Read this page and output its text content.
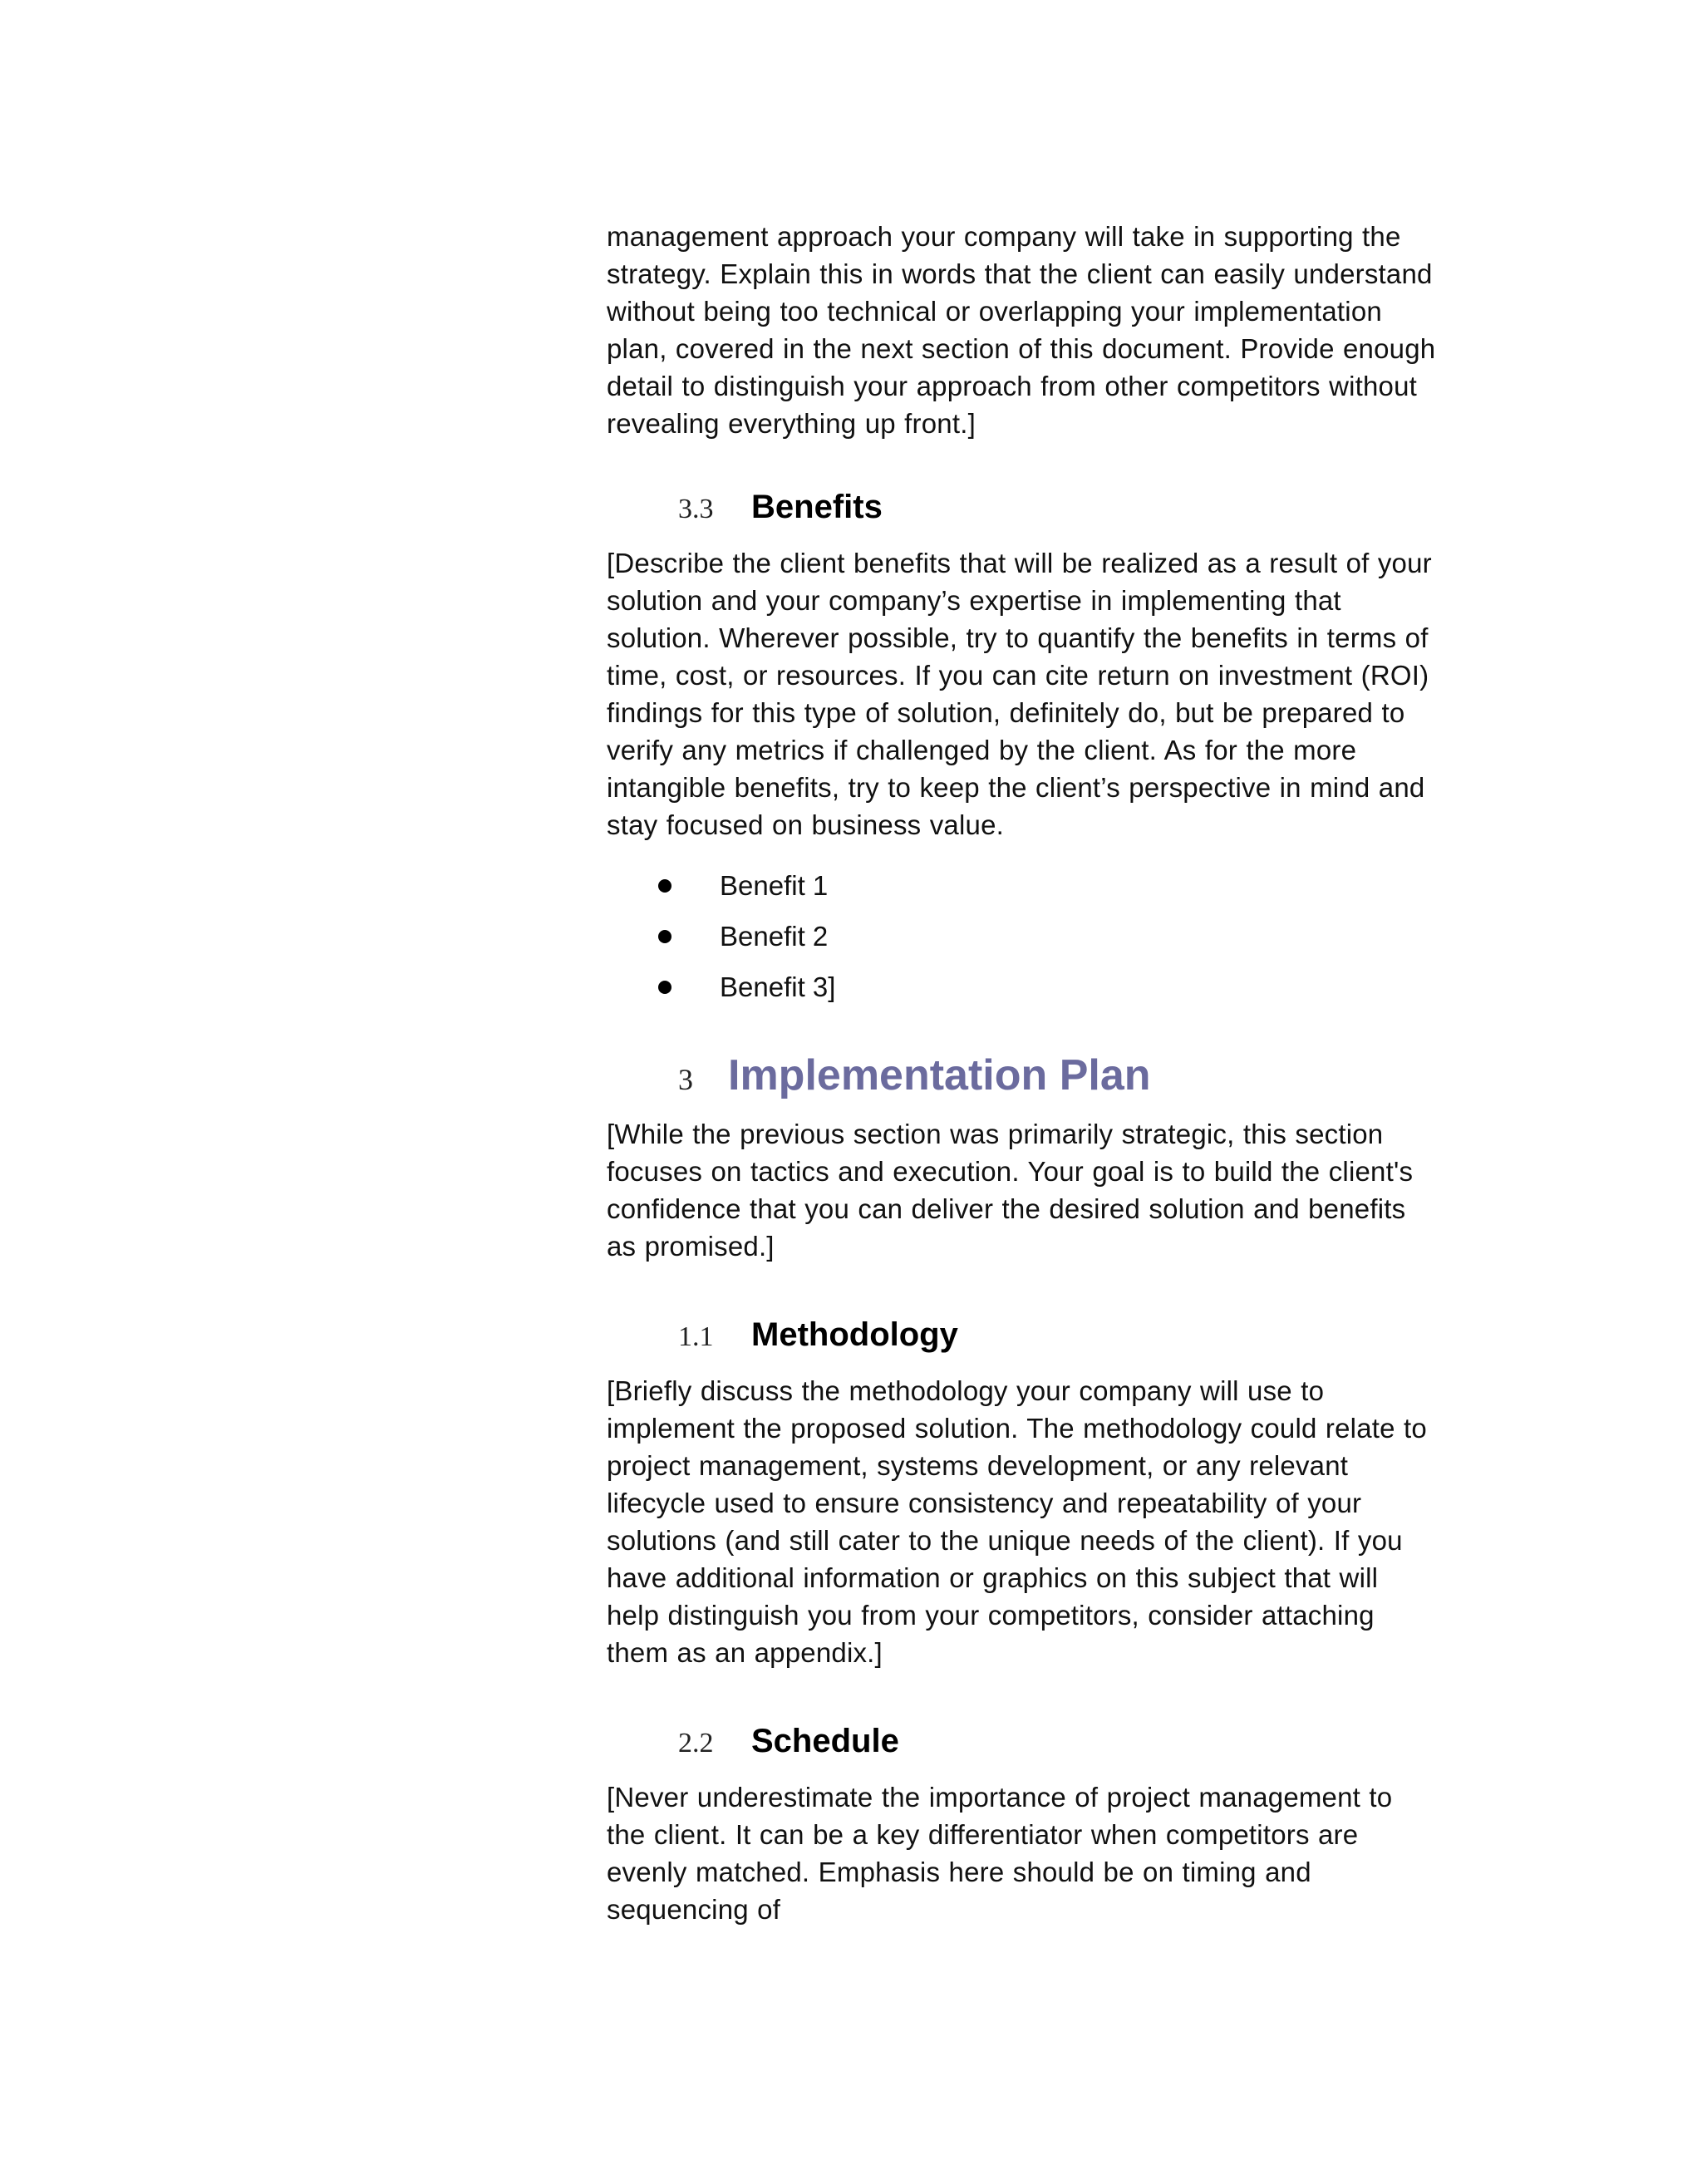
management approach your company will take in supporting the strategy. Explain this in words that the client can easily understand without being too technical or overlapping your implementation plan, covered in the next section of this document. Provide enough detail to distinguish your approach from other competitors without revealing everything up front.]

3.3	Benefits

[Describe the client benefits that will be realized as a result of your solution and your company’s expertise in implementing that solution. Wherever possible, try to quantify the benefits in terms of time, cost, or resources. If you can cite return on investment (ROI) findings for this type of solution, definitely do, but be prepared to verify any metrics if challenged by the client. As for the more intangible benefits, try to keep the client’s perspective in mind and stay focused on business value.

Benefit 1
Benefit 2
Benefit 3]
3 Implementation Plan

[While the previous section was primarily strategic, this section focuses on tactics and execution. Your goal is to build the client's confidence that you can deliver the desired solution and benefits as promised.]

1.1	Methodology

[Briefly discuss the methodology your company will use to implement the proposed solution. The methodology could relate to project management, systems development, or any relevant lifecycle used to ensure consistency and repeatability of your solutions (and still cater to the unique needs of the client). If you have additional information or graphics on this subject that will help distinguish you from your competitors, consider attaching them as an appendix.]

2.2	Schedule

[Never underestimate the importance of project management to the client. It can be a key differentiator when competitors are evenly matched. Emphasis here should be on timing and sequencing of
